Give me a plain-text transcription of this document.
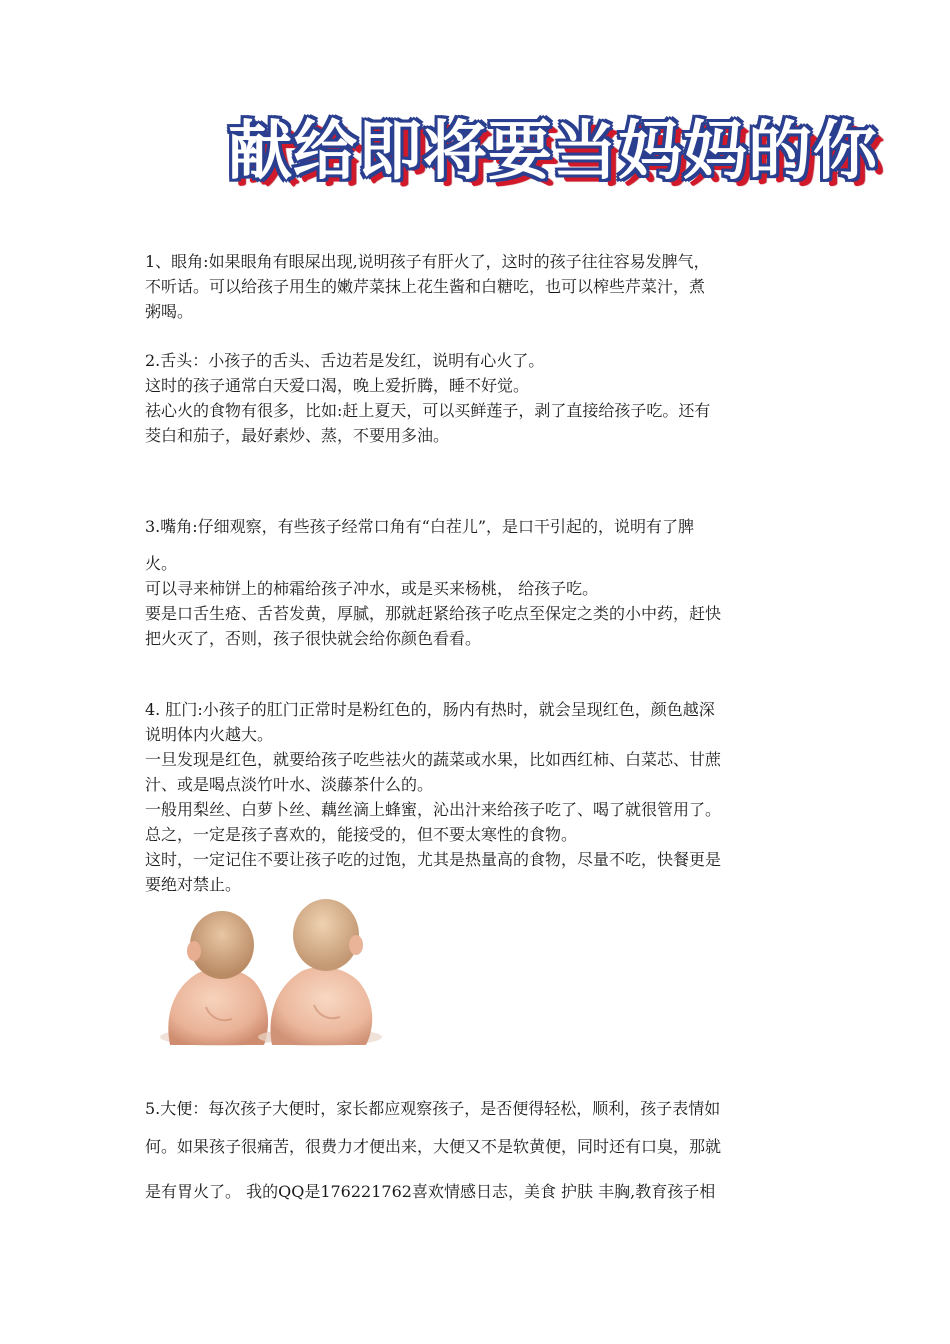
献给即将要当妈妈的你
1、眼角:如果眼角有眼屎出现,说明孩子有肝火了，这时的孩子往往容易发脾气，
不听话。可以给孩子用生的嫩芹菜抹上花生酱和白糖吃，也可以榨些芹菜汁，煮
粥喝。
2.舌头：小孩子的舌头、舌边若是发红，说明有心火了。
这时的孩子通常白天爱口渴，晚上爱折腾，睡不好觉。
祛心火的食物有很多，比如:赶上夏天，可以买鲜莲子，剥了直接给孩子吃。还有
茭白和茄子，最好素炒、蒸，不要用多油。
3.嘴角:仔细观察，有些孩子经常口角有“白茬儿”，是口干引起的，说明有了脾
火。
可以寻来柿饼上的柿霜给孩子冲水，或是买来杨桃， 给孩子吃。
要是口舌生疮、舌苔发黄，厚腻，那就赶紧给孩子吃点至保定之类的小中药，赶快
把火灭了，否则，孩子很快就会给你颜色看看。
4. 肛门:小孩子的肛门正常时是粉红色的，肠内有热时，就会呈现红色，颜色越深
说明体内火越大。
一旦发现是红色，就要给孩子吃些祛火的蔬菜或水果，比如西红柿、白菜芯、甘蔗
汁、或是喝点淡竹叶水、淡藤茶什么的。
一般用梨丝、白萝卜丝、藕丝滴上蜂蜜，沁出汁来给孩子吃了、喝了就很管用了。
总之，一定是孩子喜欢的，能接受的，但不要太寒性的食物。
这时，一定记住不要让孩子吃的过饱，尤其是热量高的食物，尽量不吃，快餐更是
要绝对禁止。
5.大便：每次孩子大便时，家长都应观察孩子，是否便得轻松，顺利，孩子表情如
何。如果孩子很痛苦，很费力才便出来，大便又不是软黄便，同时还有口臭，那就
是有胃火了。 我的QQ是176221762喜欢情感日志，美食 护肤 丰胸,教育孩子相
